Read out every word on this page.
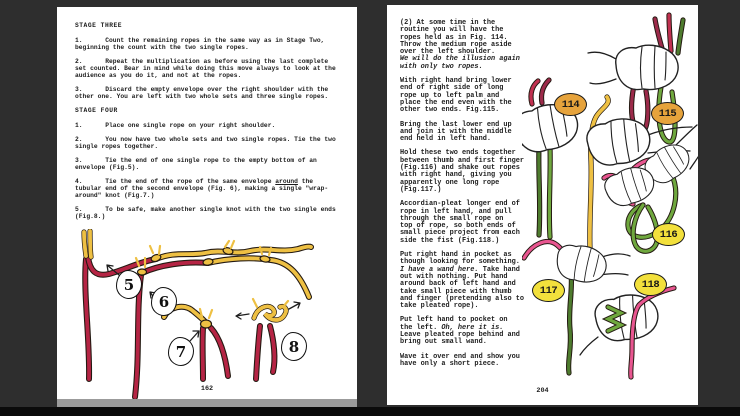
STAGE THREE
1.      Count the remaining ropes in the same way as in Stage Two,
beginning the count with the two single ropes.
2.      Repeat the multiplication as before using the last complete
set counted. Bear in mind while doing this move always to look at the
audience as you do it, and not at the ropes.
3.      Discard the empty envelope over the right shoulder with the
other one. You are left with two whole sets and three single ropes.
STAGE FOUR
1.      Place one single rope on your right shoulder.
2.      You now have two whole sets and two single ropes. Tie the two
single ropes together.
3.      Tie the end of one single rope to the empty bottom of an
envelope (Fig.5).
4.      Tie the end of the rope of the same envelope around the
tubular end of the second envelope (Fig. 6), making a single "wrap-
around" knot (Fig.7.)
5.      To be safe, make another single knot with the two single ends
(Fig.8.)
5
6
7	8
162
(2) At some time in the
routine you will have the
ropes held as in Fig. 114.
Throw the medium rope aside
over the left shoulder.
We will do the illusion again
with only two ropes.
With right hand bring lower
end of right side of long
rope up to left palm and
place the end even with the
other two ends. Fig.115.
Bring the last lower end up
and join it with the middle
end held in left hand.
Hold these two ends together
between thumb and first finger
(Fig.116) and shake out ropes
with right hand, giving you
apparently one long rope
(Fig.117.)
Accordian-pleat longer end of
rope in left hand, and pull
through the small rope on
top of rope, so both ends of
small piece project from each
side the fist (Fig.118.)
Put right hand in pocket as
though looking for something.
I have a wand here. Take hand
out with nothing. Put hand
around back of left hand and
take small piece with thumb
and finger (pretending also to
take pleated rope).
Put left hand to pocket on
the left. Oh, here it is.
Leave pleated rope behind and
bring out small wand.
Wave it over end and show you
have only a short piece.
114
115
116
117	118
204
